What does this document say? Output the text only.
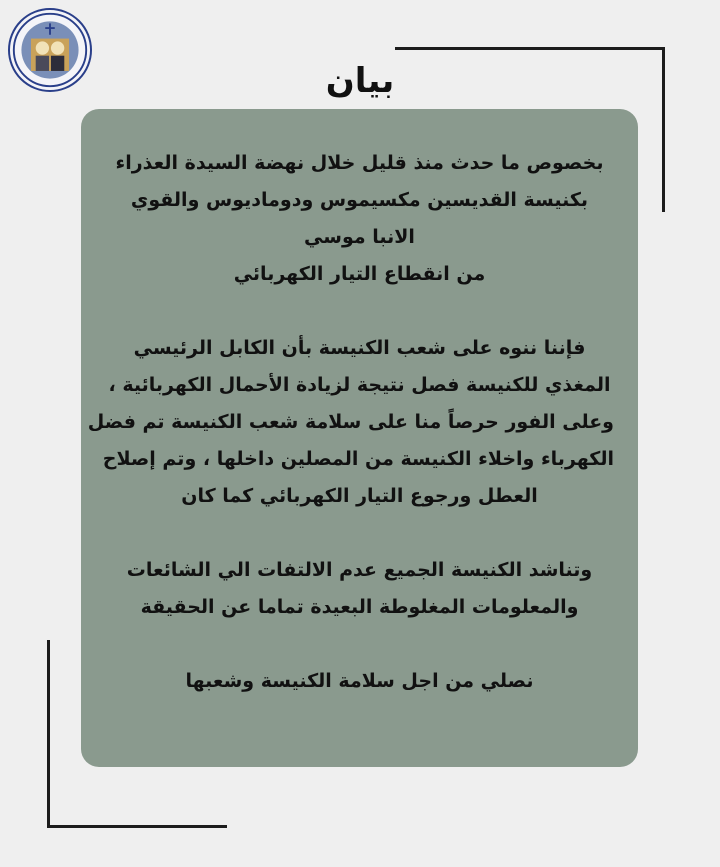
بيان
بخصوص ما حدث منذ قليل خلال نهضة السيدة العذراء
بكنيسة القديسين مكسيموس ودوماديوس والقوي
الانبا موسي
من انقطاع التيار الكهربائي
فإننا ننوه على شعب الكنيسة بأن الكابل الرئيسي
المغذي للكنيسة فصل نتيجة لزيادة الأحمال الكهربائية ،
وعلى الفور حرصاً منا على سلامة شعب الكنيسة تم فضل
الكهرباء واخلاء الكنيسة من المصلين داخلها ، وتم إصلاح
العطل ورجوع التيار الكهربائي كما كان
وتناشد الكنيسة الجميع عدم الالتفات الي الشائعات
والمعلومات المغلوطة البعيدة تماما عن الحقيقة
نصلي من اجل سلامة الكنيسة وشعبها
